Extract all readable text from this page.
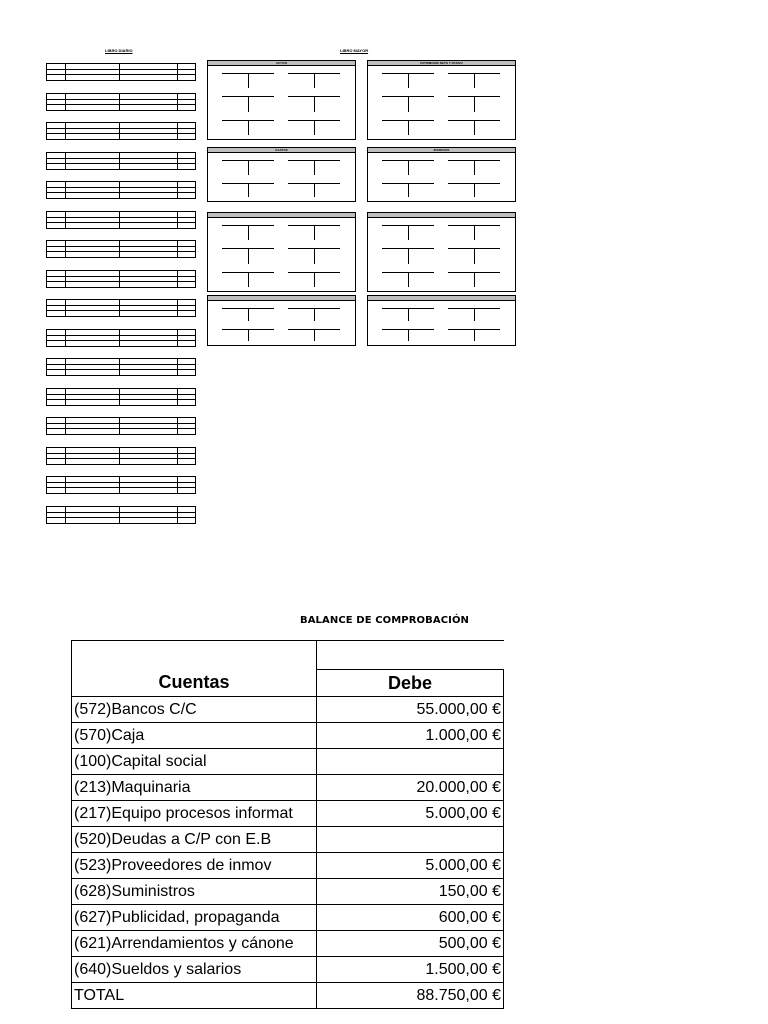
LIBRO DIARIO	LIBRO MAYOR
ACTIVO	PATRIMONIO NETO Y PASIVO
GASTOS	INGRESOS
BALANCE DE COMPROBACIÓN
Cuentas	
	Debe
(572)Bancos C/C	55.000,00 €
(570)Caja	1.000,00 €
(100)Capital social	
(213)Maquinaria	20.000,00 €
(217)Equipo procesos informat	5.000,00 €
(520)Deudas a C/P con E.B	
(523)Proveedores de inmov	5.000,00 €
(628)Suministros	150,00 €
(627)Publicidad, propaganda	600,00 €
(621)Arrendamientos y cánone	500,00 €
(640)Sueldos y salarios	1.500,00 €
TOTAL	88.750,00 €
